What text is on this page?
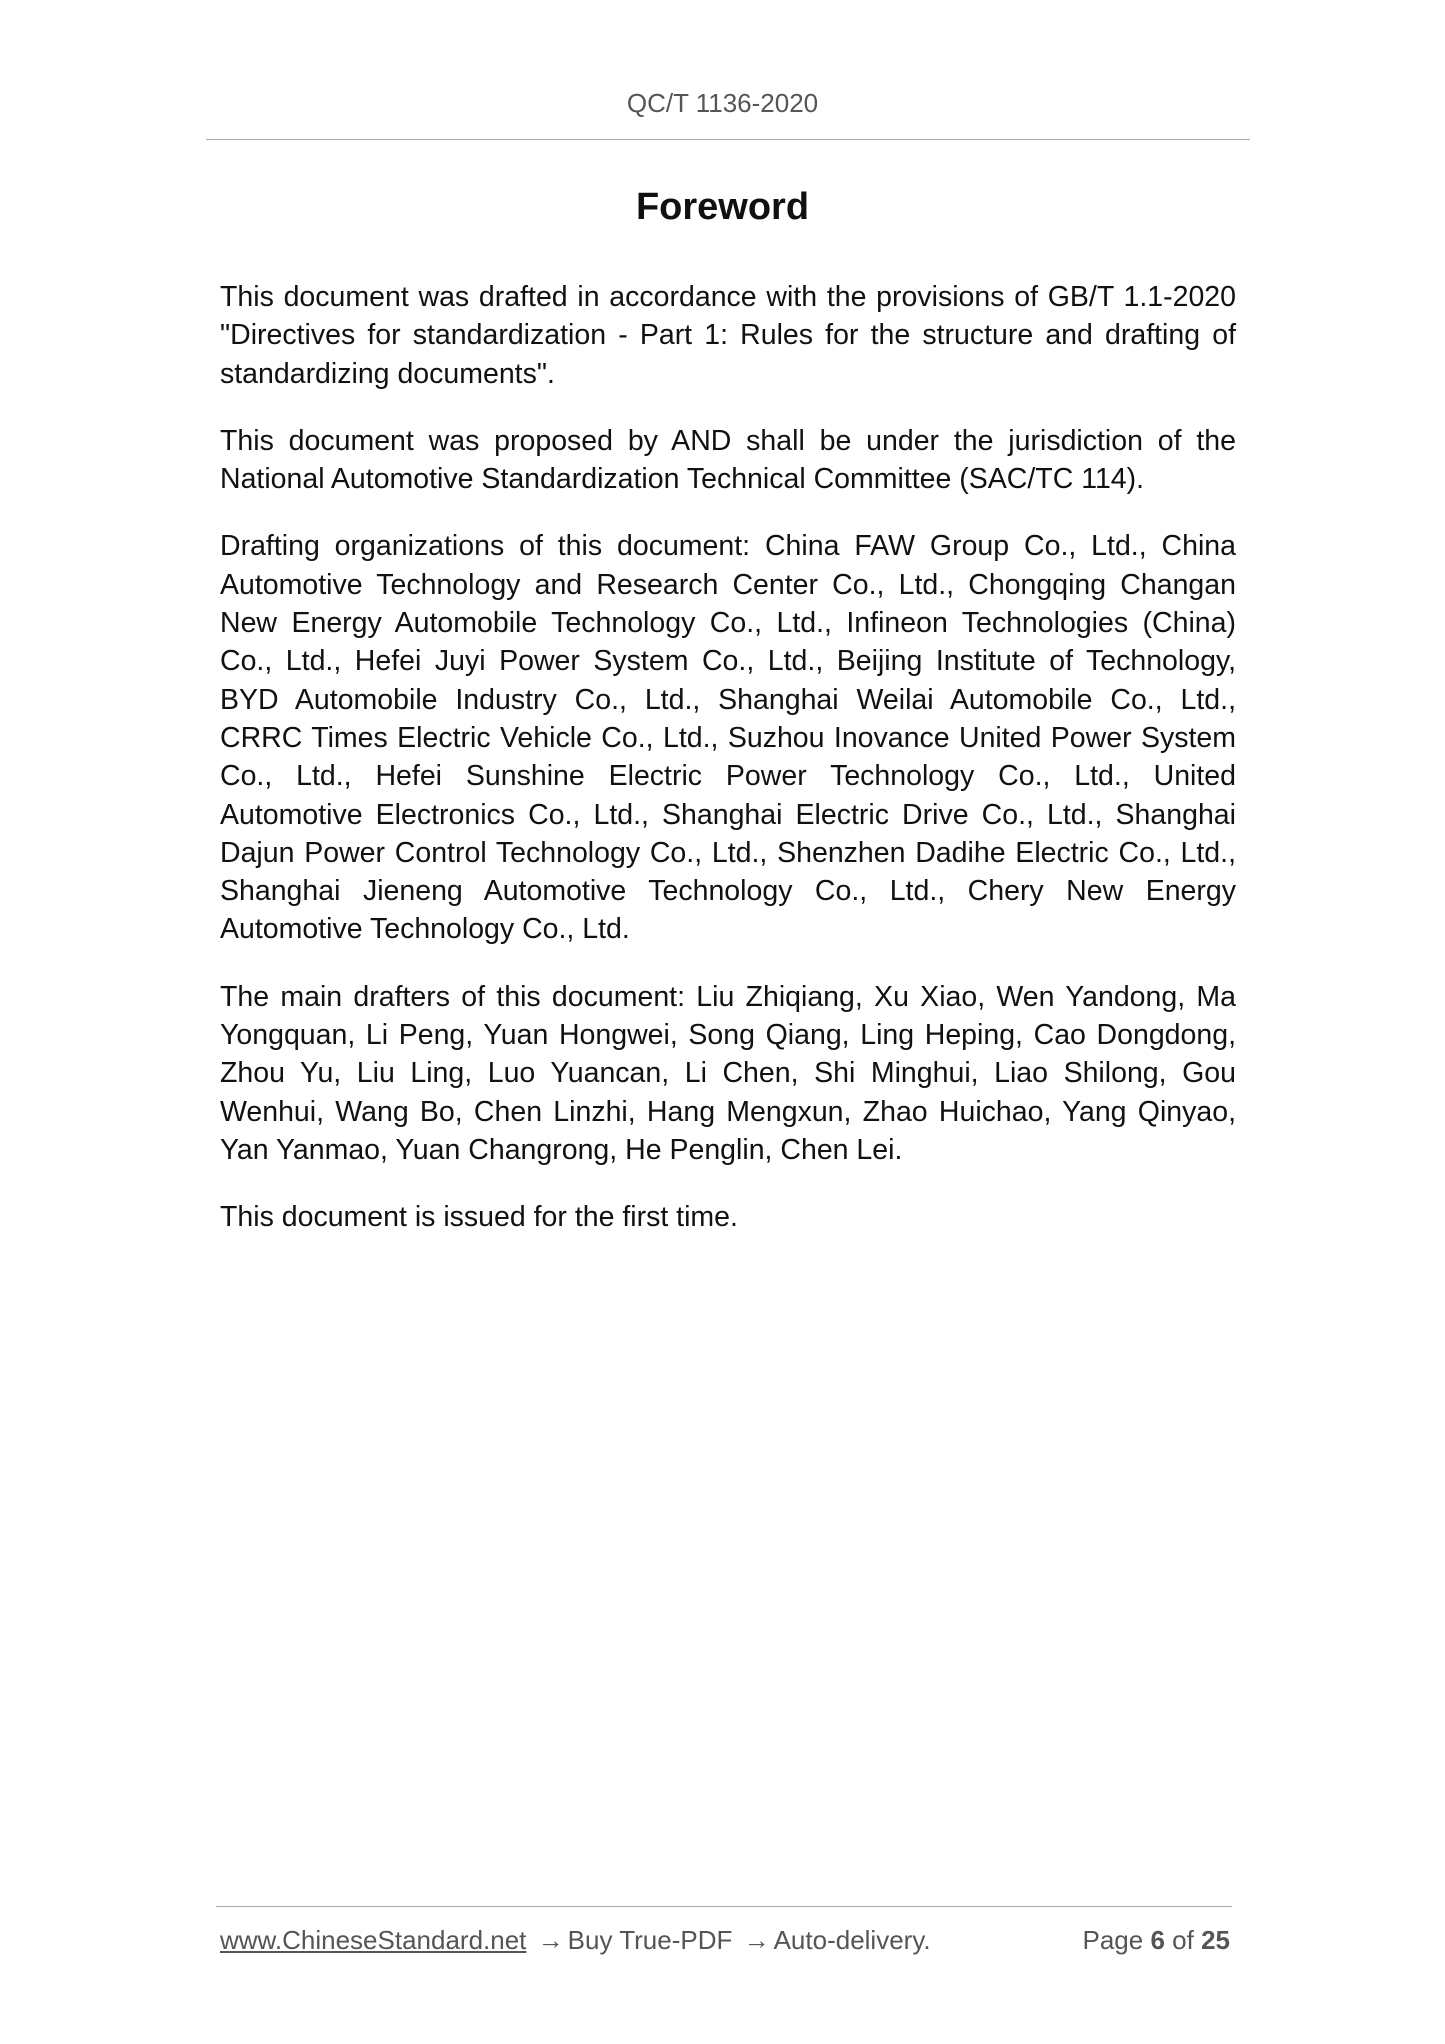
QC/T 1136-2020
Foreword

This document was drafted in accordance with the provisions of GB/T 1.1-2020 "Directives for standardization - Part 1: Rules for the structure and drafting of standardizing documents".

This document was proposed by AND shall be under the jurisdiction of the National Automotive Standardization Technical Committee (SAC/TC 114).

Drafting organizations of this document: China FAW Group Co., Ltd., China Automotive Technology and Research Center Co., Ltd., Chongqing Changan New Energy Automobile Technology Co., Ltd., Infineon Technologies (China) Co., Ltd., Hefei Juyi Power System Co., Ltd., Beijing Institute of Technology, BYD Automobile Industry Co., Ltd., Shanghai Weilai Automobile Co., Ltd., CRRC Times Electric Vehicle Co., Ltd., Suzhou Inovance United Power System Co., Ltd., Hefei Sunshine Electric Power Technology Co., Ltd., United Automotive Electronics Co., Ltd., Shanghai Electric Drive Co., Ltd., Shanghai Dajun Power Control Technology Co., Ltd., Shenzhen Dadihe Electric Co., Ltd., Shanghai Jieneng Automotive Technology Co., Ltd., Chery New Energy Automotive Technology Co., Ltd.

The main drafters of this document: Liu Zhiqiang, Xu Xiao, Wen Yandong, Ma Yongquan, Li Peng, Yuan Hongwei, Song Qiang, Ling Heping, Cao Dongdong, Zhou Yu, Liu Ling, Luo Yuancan, Li Chen, Shi Minghui, Liao Shilong, Gou Wenhui, Wang Bo, Chen Linzhi, Hang Mengxun, Zhao Huichao, Yang Qinyao, Yan Yanmao, Yuan Changrong, He Penglin, Chen Lei.

This document is issued for the first time.

www.ChineseStandard.net → Buy True-PDF → Auto-delivery.	Page 6 of 25
